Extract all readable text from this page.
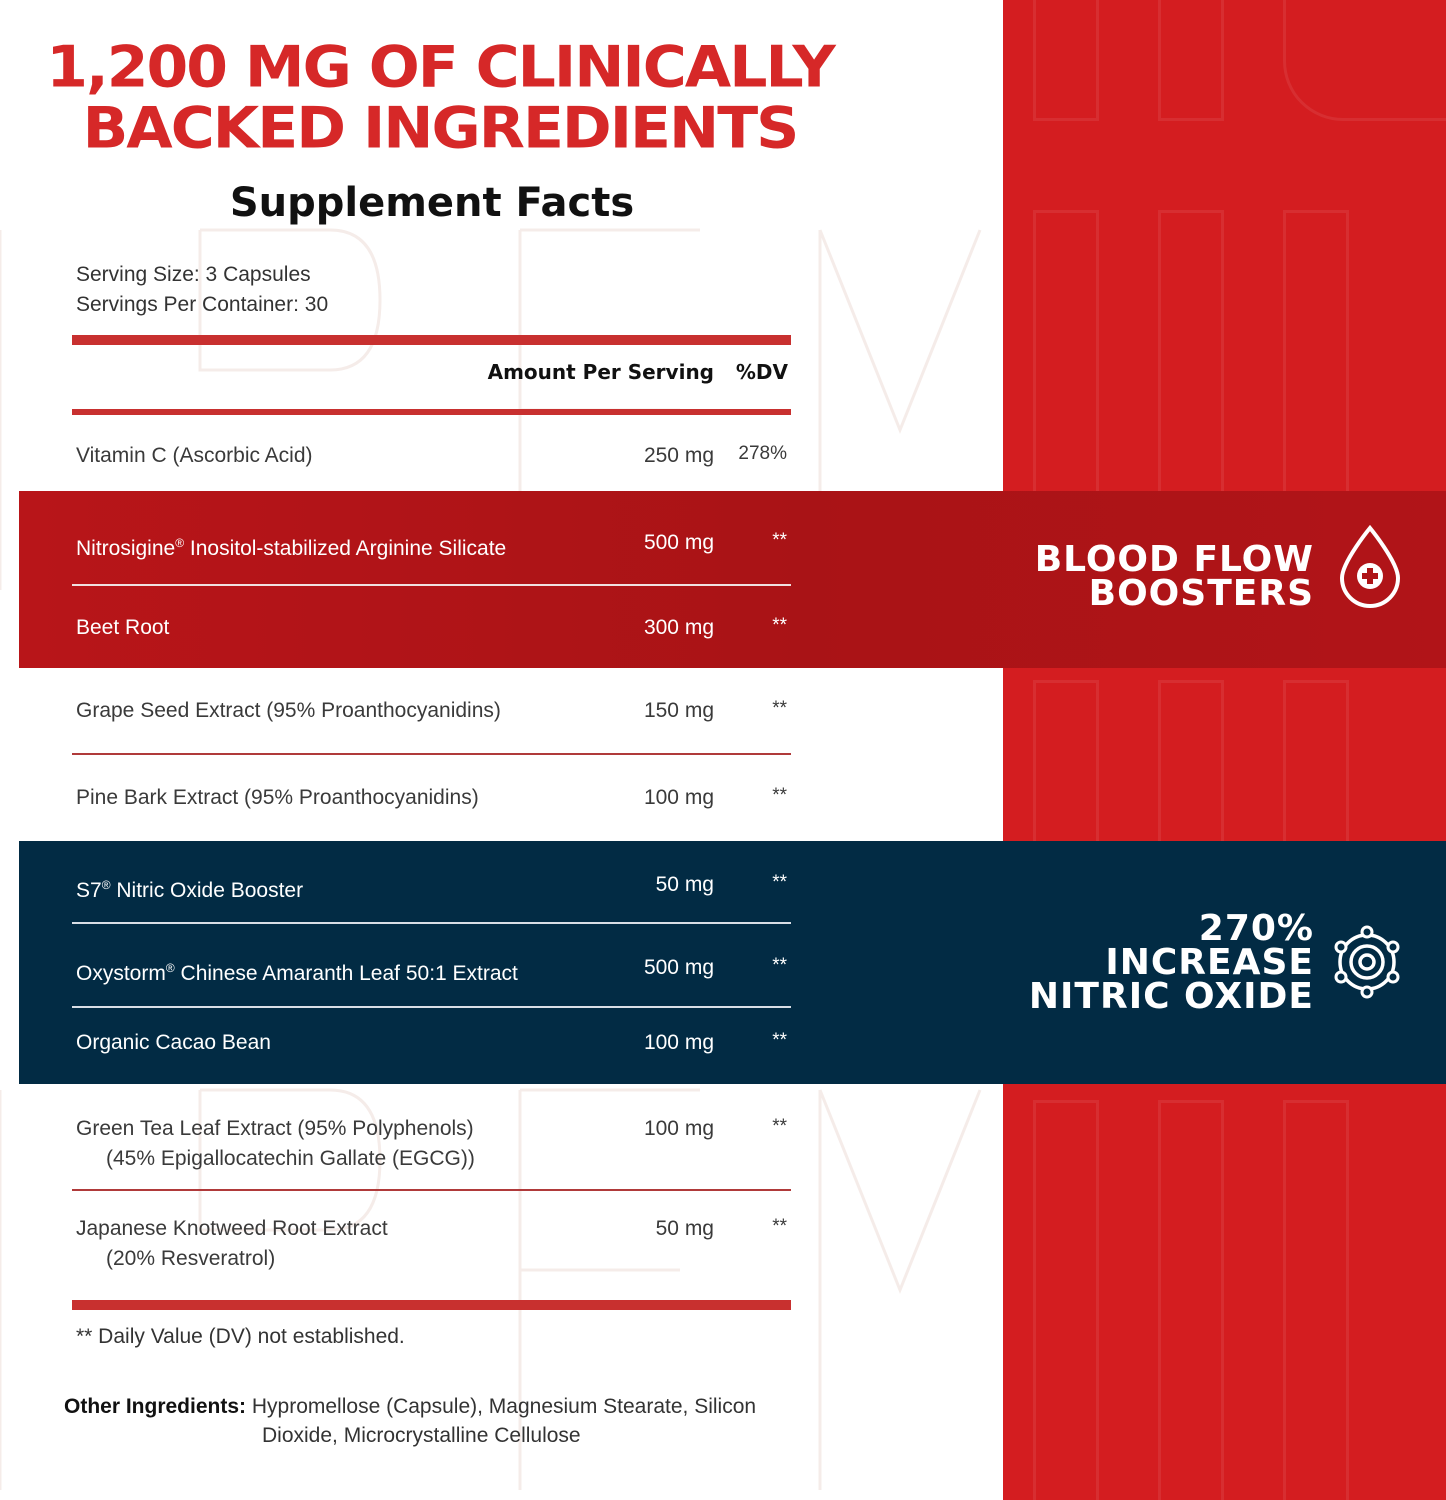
1,200 MG OF CLINICALLY
BACKED INGREDIENTS
Supplement Facts
Serving Size: 3 Capsules
Servings Per Container: 30
Amount Per Serving	%DV
Vitamin C (Ascorbic Acid)	250 mg 278%
Nitrosigine® Inositol-stabilized Arginine Silicate	500 mg	**
Beet Root	300 mg	**
Grape Seed Extract (95% Proanthocyanidins)	150 mg	**
Pine Bark Extract (95% Proanthocyanidins)	100 mg	**
S7® Nitric Oxide Booster	50 mg	**
Oxystorm® Chinese Amaranth Leaf 50:1 Extract	500 mg	**
Organic Cacao Bean	100 mg	**
Green Tea Leaf Extract (95% Polyphenols)
(45% Epigallocatechin Gallate (EGCG))
100 mg	**
Japanese Knotweed Root Extract
(20% Resveratrol)
50 mg	**
BLOOD FLOW
BOOSTERS
270%
INCREASE
NITRIC OXIDE
** Daily Value (DV) not established.
Other Ingredients: Hypromellose (Capsule), Magnesium Stearate, Silicon
Dioxide, Microcrystalline Cellulose
